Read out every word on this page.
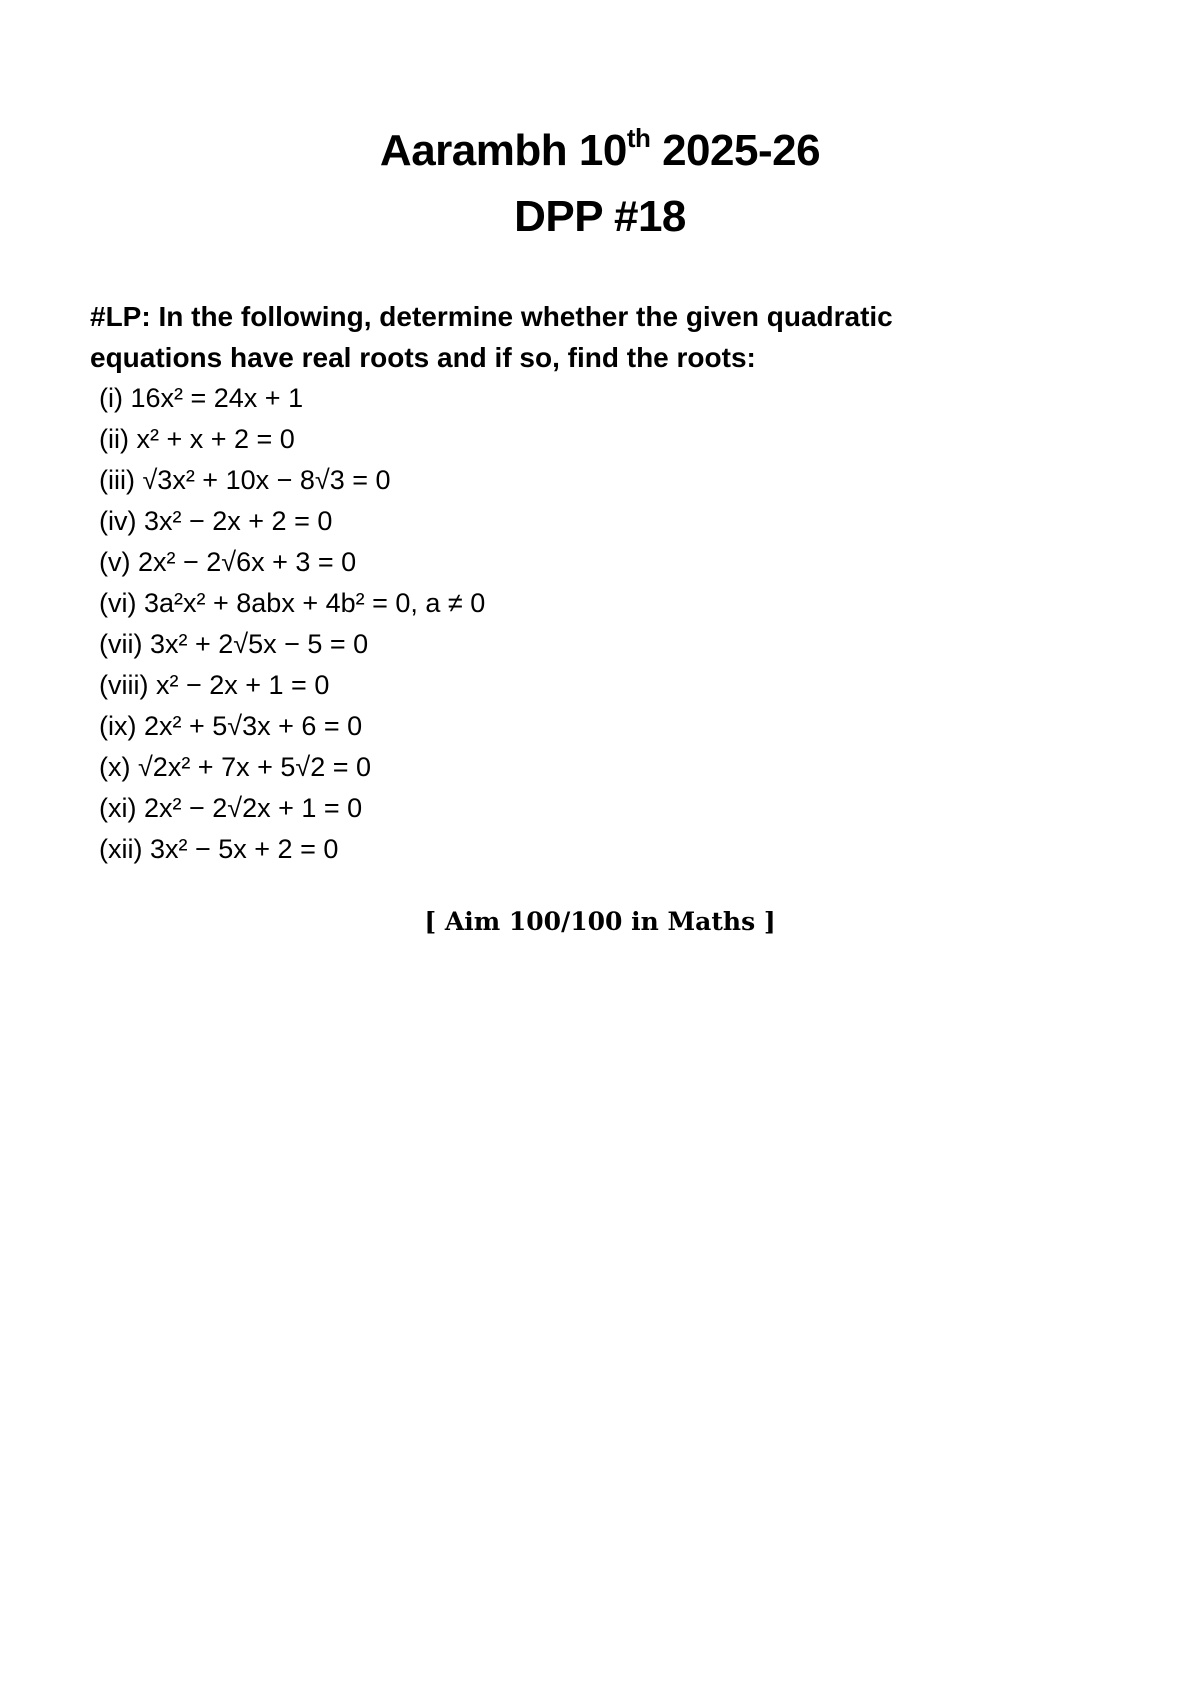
Aarambh 10th 2025-26
DPP #18
#LP: In the following, determine whether the given quadratic
equations have real roots and if so, find the roots:
(i) 16x² = 24x + 1
(ii) x² + x + 2 = 0
(iii) √3x² + 10x − 8√3 = 0
(iv) 3x² − 2x + 2 = 0
(v) 2x² − 2√6x + 3 = 0
(vi) 3a²x² + 8abx + 4b² = 0, a ≠ 0
(vii) 3x² + 2√5x − 5 = 0
(viii) x² − 2x + 1 = 0
(ix) 2x² + 5√3x + 6 = 0
(x) √2x² + 7x + 5√2 = 0
(xi) 2x² − 2√2x + 1 = 0
(xii) 3x² − 5x + 2 = 0
[ Aim 100/100 in Maths ]
